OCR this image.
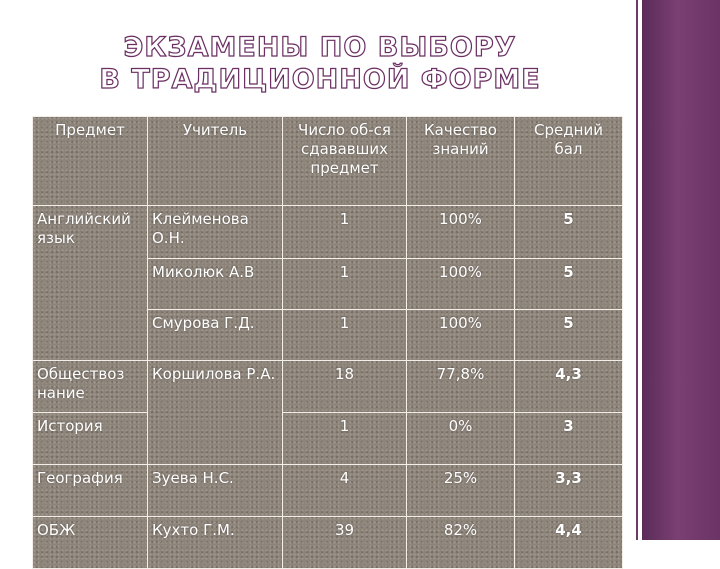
ЭКЗАМЕНЫ ПО ВЫБОРУ
В ТРАДИЦИОННОЙ ФОРМЕ
Предмет	Учитель	Число об-ся сдававших предмет	Качество знаний	Средний бал
Английский язык	Клейменова О.Н.	1	100%	5
	Миколюк А.В	1	100%	5
	Смурова Г.Д.	1	100%	5
Обществоз нание	Коршилова Р.А.	18	77,8%	4,3
История		1	0%	3
География	Зуева Н.С.	4	25%	3,3
ОБЖ	Кухто Г.М.	39	82%	4,4
